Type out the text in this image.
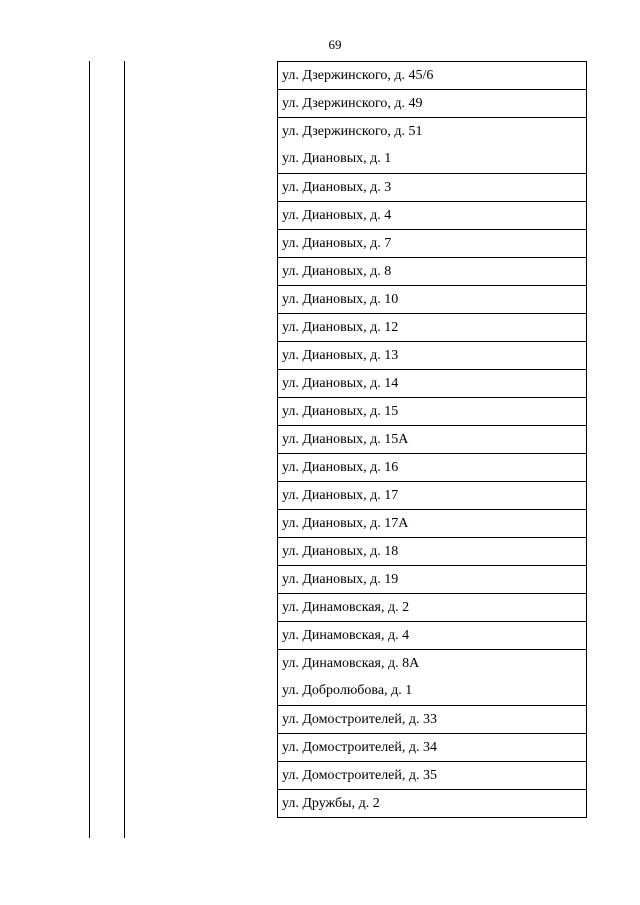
69
ул. Дзержинского, д. 45/6
ул. Дзержинского, д. 49
ул. Дзержинского, д. 51
ул. Диановых, д. 1
ул. Диановых, д. 3
ул. Диановых, д. 4
ул. Диановых, д. 7
ул. Диановых, д. 8
ул. Диановых, д. 10
ул. Диановых, д. 12
ул. Диановых, д. 13
ул. Диановых, д. 14
ул. Диановых, д. 15
ул. Диановых, д. 15А
ул. Диановых, д. 16
ул. Диановых, д. 17
ул. Диановых, д. 17А
ул. Диановых, д. 18
ул. Диановых, д. 19
ул. Динамовская, д. 2
ул. Динамовская, д. 4
ул. Динамовская, д. 8А
ул. Добролюбова, д. 1
ул. Домостроителей, д. 33
ул. Домостроителей, д. 34
ул. Домостроителей, д. 35
ул. Дружбы, д. 2
